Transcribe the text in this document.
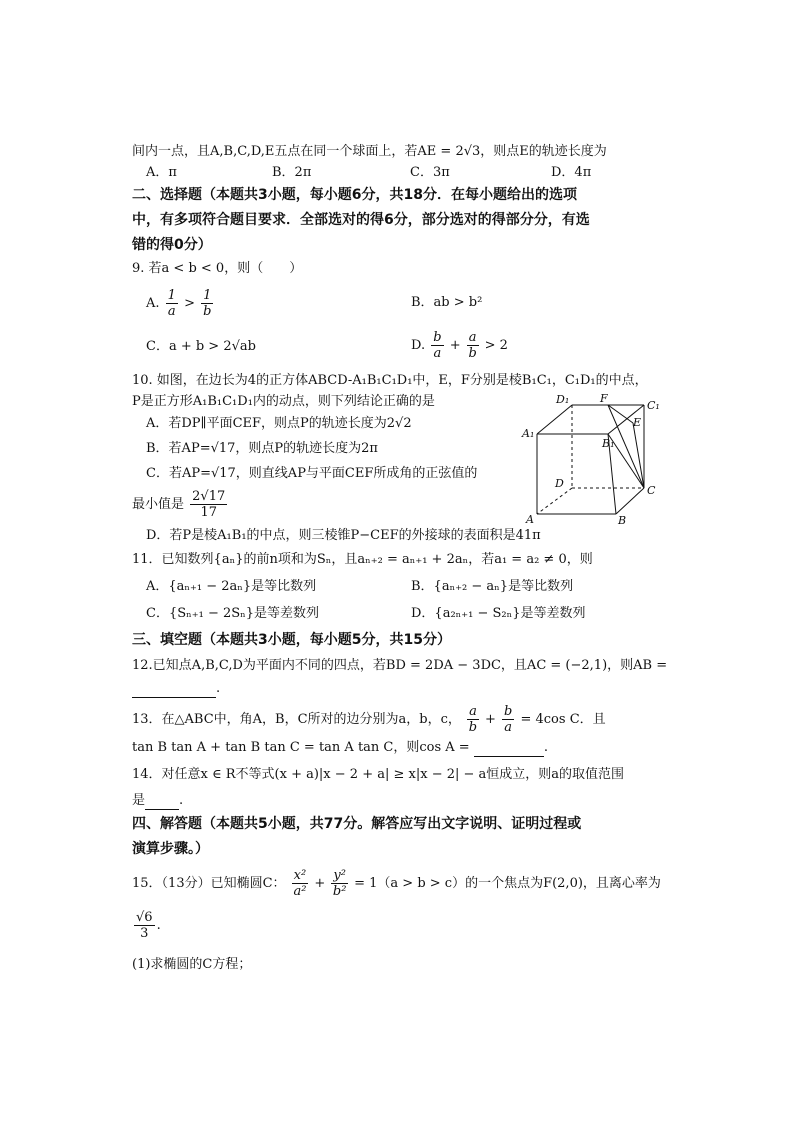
间内一点，且A,B,C,D,E五点在同一个球面上，若AE = 2√3，则点E的轨迹长度为
A．π	B．2π	C．3π	D．4π
二、选择题（本题共3小题，每小题6分，共18分．在每小题给出的选项
中，有多项符合题目要求．全部选对的得6分，部分选对的得部分分，有选
错的得0分）
9. 若a < b < 0，则（　　）
A. $\frac{1}{a} > \frac{1}{b}$	B．ab > b²
C．a + b > 2√ab	D. $\frac{b}{a} + \frac{a}{b} > 2$
10. 如图，在边长为4的正方体ABCD-A₁B₁C₁D₁中，E，F分别是棱B₁C₁，C₁D₁的中点，
P是正方形A₁B₁C₁D₁内的动点，则下列结论正确的是
A．若DP∥平面CEF，则点P的轨迹长度为2√2
B．若AP=√17，则点P的轨迹长度为2π
C．若AP=√17，则直线AP与平面CEF所成角的正弦值的
最小值是 $\frac{2√17}{17}$
D．若P是棱A₁B₁的中点，则三棱锥P−CEF的外接球的表面积是41π
D₁	F
C₁
A₁
B₁
E
D
C
A	B
11．已知数列{aₙ}的前n项和为Sₙ，且aₙ₊₂ = aₙ₊₁ + 2aₙ，若a₁ = a₂ ≠ 0，则
A．{aₙ₊₁ − 2aₙ}是等比数列	B．{aₙ₊₂ − aₙ}是等比数列
C．{Sₙ₊₁ − 2Sₙ}是等差数列	D．{a₂ₙ₊₁ − S₂ₙ}是等差数列
三、填空题（本题共3小题，每小题5分，共15分）
12.已知点A,B,C,D为平面内不同的四点，若BD = 2DA − 3DC，且AC = (−2,1)，则AB =
.
13．在△ABC中，角A，B，C所对的边分别为a，b，c， $\frac{a}{b} + \frac{b}{a} = 4\cos$ C．且
tan B tan A + tan B tan C = tan A tan C，则cos A =	.
14．对任意x ∈ R不等式(x + a)|x − 2 + a| ≥ x|x − 2| − a恒成立，则a的取值范围
是	.
四、解答题（本题共5小题，共77分。解答应写出文字说明、证明过程或
演算步骤。）
15．（13分）已知椭圆C： $\frac{\text{x²}}{\text{a²}} + \frac{\text{y²}}{\text{b²}} = 1(a > b > c)$的一个焦点为F(2,0)，且离心率为
$\frac{√6}{3}$ .
(1)求椭圆的C方程；
